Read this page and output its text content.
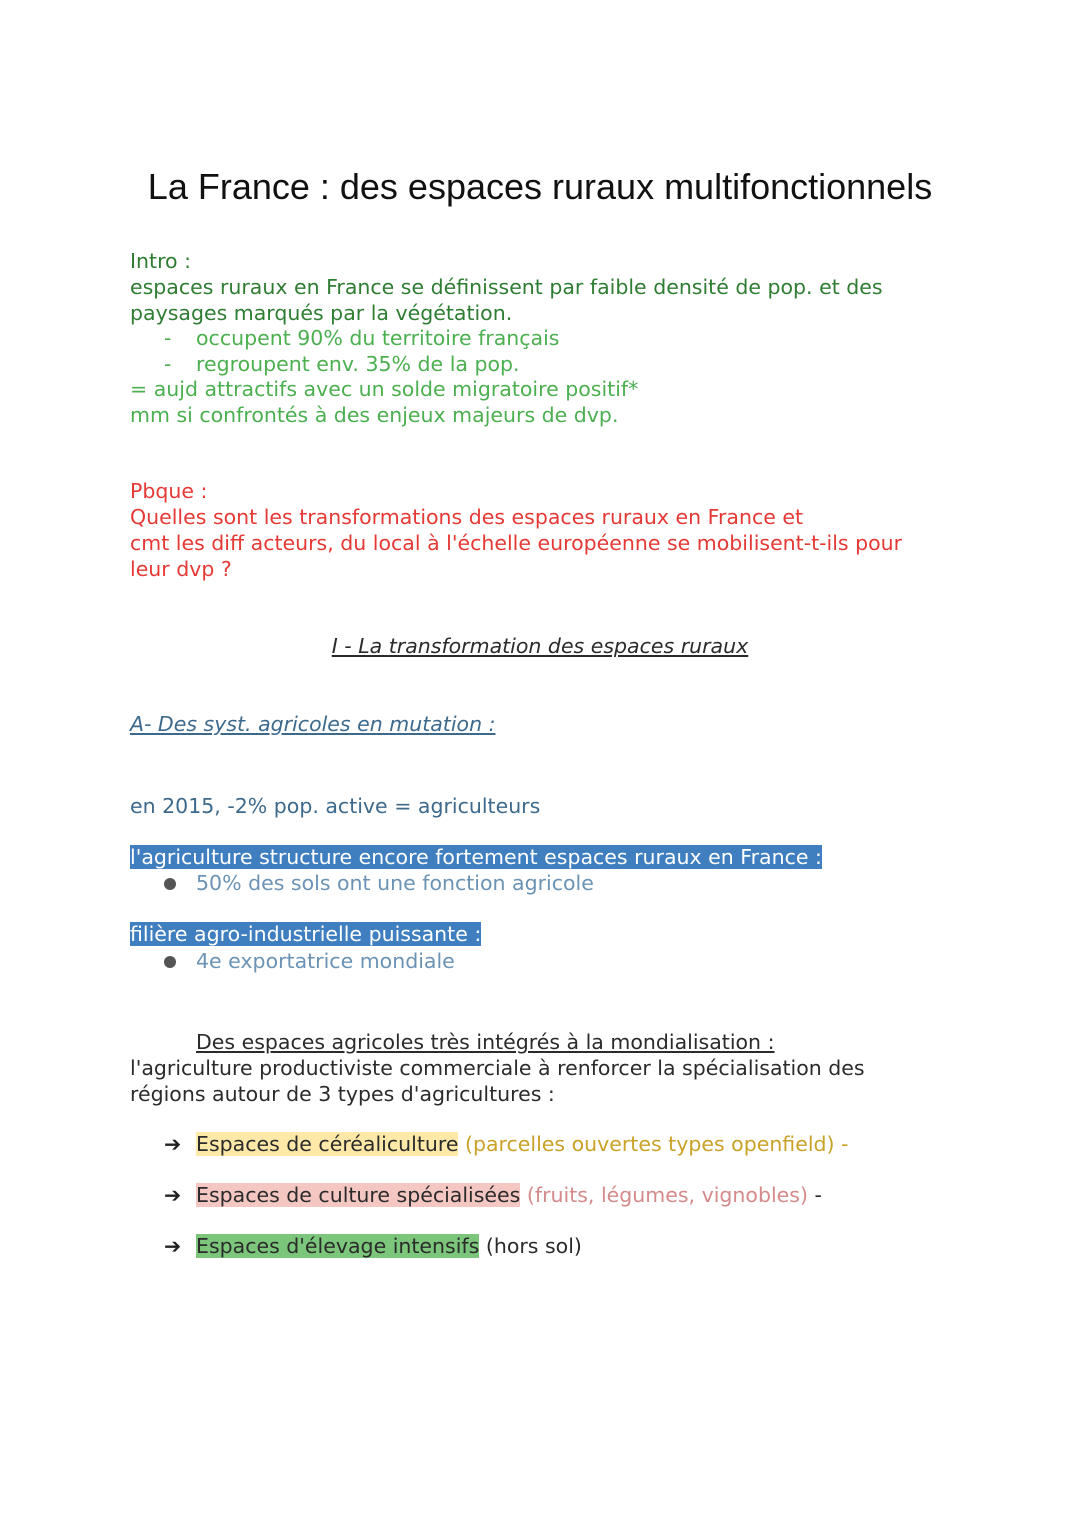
La France : des espaces ruraux multifonctionnels
Intro :
espaces ruraux en France se définissent par faible densité de pop. et des
paysages marqués par la végétation.
- occupent 90% du territoire français
- regroupent env. 35% de la pop.
= aujd attractifs avec un solde migratoire positif*
mm si confrontés à des enjeux majeurs de dvp.
Pbque :
Quelles sont les transformations des espaces ruraux en France et
cmt les diff acteurs, du local à l'échelle européenne se mobilisent-t-ils pour
leur dvp ?
I - La transformation des espaces ruraux
A- Des syst. agricoles en mutation :
en 2015, -2% pop. active = agriculteurs
l'agriculture structure encore fortement espaces ruraux en France :
50% des sols ont une fonction agricole
filière agro-industrielle puissante :
4e exportatrice mondiale
Des espaces agricoles très intégrés à la mondialisation :
l'agriculture productiviste commerciale à renforcer la spécialisation des
régions autour de 3 types d'agricultures :
➔ Espaces de céréaliculture (parcelles ouvertes types openfield) -
➔ Espaces de culture spécialisées (fruits, légumes, vignobles) -
➔ Espaces d'élevage intensifs (hors sol)
